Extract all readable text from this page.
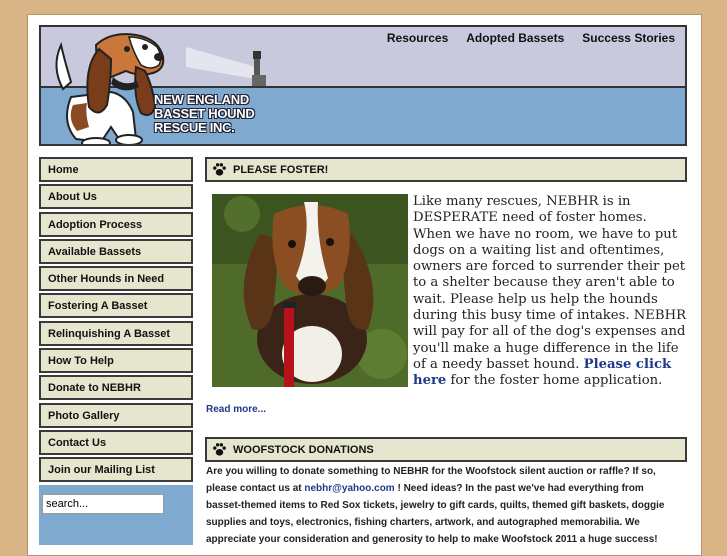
Resources Adopted Bassets Success Stories
NEW ENGLAND
BASSET HOUND
RESCUE INC.
Home
About Us
Adoption Process
Available Bassets
Other Hounds in Need
Fostering A Basset
Relinquishing A Basset
How To Help
Donate to NEBHR
Photo Gallery
Contact Us
Join our Mailing List
search...
PLEASE FOSTER!
Like many rescues, NEBHR is in DESPERATE need of foster homes. When we have no room, we have to put dogs on a waiting list and oftentimes, owners are forced to surrender their pet to a shelter because they aren't able to wait. Please help us help the hounds during this busy time of intakes. NEBHR will pay for all of the dog's expenses and you'll make a huge difference in the life of a needy basset hound. Please click here for the foster home application.
Read more...
WOOFSTOCK DONATIONS
Are you willing to donate something to NEBHR for the Woofstock silent auction or raffle? If so, please contact us at nebhr@yahoo.com ! Need ideas? In the past we've had everything from basset-themed items to Red Sox tickets, jewelry to gift cards, quilts, themed gift baskets, doggie supplies and toys, electronics, fishing charters, artwork, and autographed memorabilia. We appreciate your consideration and generosity to help to make Woofstock 2011 a huge success!
